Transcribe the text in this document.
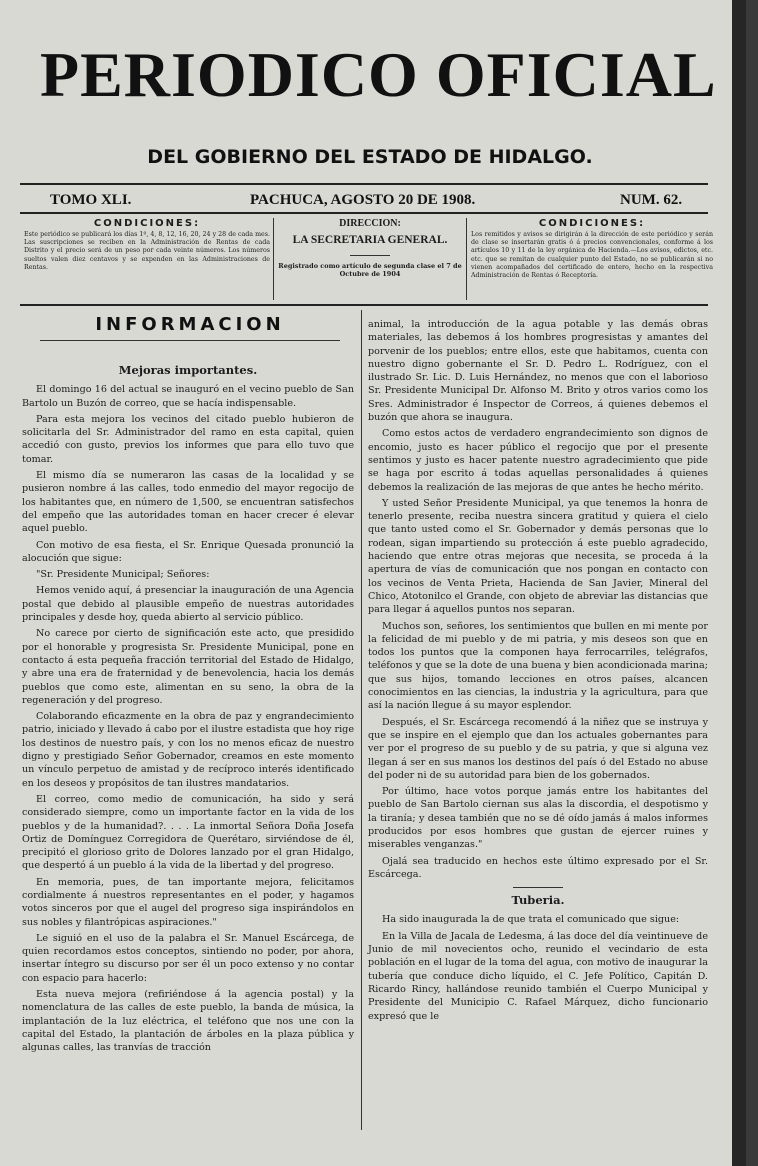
PERIODICO OFICIAL
DEL GOBIERNO DEL ESTADO DE HIDALGO.
TOMO XLI.	PACHUCA, AGOSTO 20 DE 1908.	NUM. 62.
CONDICIONES:

Este periódico se publicará los días 1º, 4, 8, 12, 16, 20, 24 y 28 de cada mes. Las suscripciones se reciben en la Administración de Rentas de cada Distrito y el precio será de un peso por cada veinte números. Los números sueltos valen diez centavos y se expenden en las Administraciones de Rentas.

DIRECCION:
LA SECRETARIA GENERAL.

Registrado como artículo de segunda clase el 7 de Octubre de 1904

CONDICIONES:

Los remitidos y avisos se dirigirán á la dirección de este periódico y serán de clase se insertarán gratis ó á precios convencionales, conforme á los artículos 10 y 11 de la ley orgánica de Hacienda.—Los avisos, edictos, etc. etc. que se remitan de cualquier punto del Estado, no se publicarán si no vienen acompañados del certificado de entero, hecho en la respectiva Administración de Rentas ó Receptoría.

INFORMACION

Mejoras importantes.

El domingo 16 del actual se inauguró en el vecino pueblo de San Bartolo un Buzón de correo, que se hacía indispensable.

Para esta mejora los vecinos del citado pueblo hubieron de solicitarla del Sr. Administrador del ramo en esta capital, quien accedió con gusto, previos los informes que para ello tuvo que tomar.

El mismo día se numeraron las casas de la localidad y se pusieron nombre á las calles, todo enmedio del mayor regocijo de los habitantes que, en número de 1,500, se encuentran satisfechos del empeño que las autoridades toman en hacer crecer é elevar aquel pueblo.

Con motivo de esa fiesta, el Sr. Enrique Quesada pronunció la alocución que sigue:

"Sr. Presidente Municipal; Señores:

Hemos venido aquí, á presenciar la inauguración de una Agencia postal que debido al plausible empeño de nuestras autoridades principales y desde hoy, queda abierto al servicio público.

No carece por cierto de significación este acto, que presidido por el honorable y progresista Sr. Presidente Municipal, pone en contacto á esta pequeña fracción territorial del Estado de Hidalgo, y abre una era de fraternidad y de benevolencia, hacia los demás pueblos que como este, alimentan en su seno, la obra de la regeneración y del progreso.

Colaborando eficazmente en la obra de paz y engrandecimiento patrio, iniciado y llevado á cabo por el ilustre estadista que hoy rige los destinos de nuestro país, y con los no menos eficaz de nuestro digno y prestigiado Señor Gobernador, creamos en este momento un vínculo perpetuo de amistad y de recíproco interés identificado en los deseos y propósitos de tan ilustres mandatarios.

El correo, como medio de comunicación, ha sido y será considerado siempre, como un importante factor en la vida de los pueblos y de la humanidad?. . . . La inmortal Señora Doña Josefa Ortiz de Domínguez Corregidora de Querétaro, sirviéndose de él, precipitó el glorioso grito de Dolores lanzado por el gran Hidalgo, que despertó á un pueblo á la vida de la libertad y del progreso.

En memoria, pues, de tan importante mejora, felicitamos cordialmente á nuestros representantes en el poder, y hagamos votos sinceros por que el augel del progreso siga inspirándolos en sus nobles y filantrópicas aspiraciones."

Le siguió en el uso de la palabra el Sr. Manuel Escárcega, de quien recordamos estos conceptos, sintiendo no poder, por ahora, insertar íntegro su discurso por ser él un poco extenso y no contar con espacio para hacerlo:

Esta nueva mejora (refiriéndose á la agencia postal) y la nomenclatura de las calles de este pueblo, la banda de música, la implantación de la luz eléctrica, el teléfono que nos une con la capital del Estado, la plantación de árboles en la plaza pública y algunas calles, las tranvías de tracción

animal, la introducción de la agua potable y las demás obras materiales, las debemos á los hombres progresistas y amantes del porvenir de los pueblos; entre ellos, este que habitamos, cuenta con nuestro digno gobernante el Sr. D. Pedro L. Rodríguez, con el ilustrado Sr. Lic. D. Luis Hernández, no menos que con el laborioso Sr. Presidente Municipal Dr. Alfonso M. Brito y otros varios como los Sres. Administrador é Inspector de Correos, á quienes debemos el buzón que ahora se inaugura.

Como estos actos de verdadero engrandecimiento son dignos de encomio, justo es hacer público el regocijo que por el presente sentimos y justo es hacer patente nuestro agradecimiento que pide se haga por escrito á todas aquellas personalidades á quienes debemos la realización de las mejoras de que antes he hecho mérito.

Y usted Señor Presidente Municipal, ya que tenemos la honra de tenerlo presente, reciba nuestra sincera gratitud y quiera el cielo que tanto usted como el Sr. Gobernador y demás personas que lo rodean, sigan impartiendo su protección á este pueblo agradecido, haciendo que entre otras mejoras que necesita, se proceda á la apertura de vías de comunicación que nos pongan en contacto con los vecinos de Venta Prieta, Hacienda de San Javier, Mineral del Chico, Atotonilco el Grande, con objeto de abreviar las distancias que para llegar á aquellos puntos nos separan.

Muchos son, señores, los sentimientos que bullen en mi mente por la felicidad de mi pueblo y de mi patria, y mis deseos son que en todos los puntos que la componen haya ferrocarriles, telégrafos, teléfonos y que se la dote de una buena y bien acondicionada marina; que sus hijos, tomando lecciones en otros países, alcancen conocimientos en las ciencias, la industria y la agricultura, para que así la nación llegue á su mayor esplendor.

Después, el Sr. Escárcega recomendó á la niñez que se instruya y que se inspire en el ejemplo que dan los actuales gobernantes para ver por el progreso de su pueblo y de su patria, y que si alguna vez llegan á ser en sus manos los destinos del país ó del Estado no abuse del poder ni de su autoridad para bien de los gobernados.

Por último, hace votos porque jamás entre los habitantes del pueblo de San Bartolo ciernan sus alas la discordia, el despotismo y la tiranía; y desea también que no se dé oído jamás á malos informes producidos por esos hombres que gustan de ejercer ruines y miserables venganzas."

Ojalá sea traducido en hechos este último expresado por el Sr. Escárcega.

Tuberia.

Ha sido inaugurada la de que trata el comunicado que sigue:

En la Villa de Jacala de Ledesma, á las doce del día veintinueve de Junio de mil novecientos ocho, reunido el vecindario de esta población en el lugar de la toma del agua, con motivo de inaugurar la tubería que conduce dicho líquido, el C. Jefe Político, Capitán D. Ricardo Rincy, hallándose reunido también el Cuerpo Municipal y Presidente del Municipio C. Rafael Márquez, dicho funcionario expresó que le
